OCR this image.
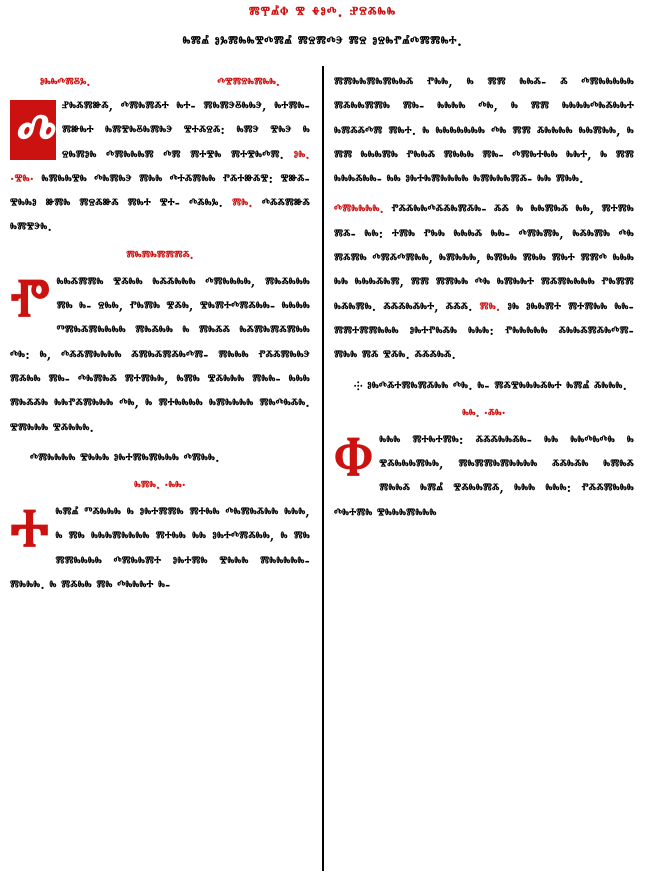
ⰿⰹⰼⱇ ⰺ ⰷⱁⰴ. ⱀⱄⰶⰸⰸ
ⰸⰿⰼ ⱁⰳⰿⰸⰸⰺⰴⰿⰼ ⰿⱄⰿⰴⰵ ⰿⱄ ⱁⱄⰸⱂⰼⰴⰿⰿⰸⰰ.
ⱁⰸⰸⰴⰿⰻⰳ.	ⰴⰺⰿⱄⰸⰿⰸⰸ.

Ⰴ ⱀⰸⰶⰿⱆⰶ, ⰴⰿⰸⰿⰶⰰ ⰸⰰ- ⰿⰸⰿⰵⰻⰸⰸⰵ, ⰸⰰⰿⰸ- ⰿⱆⰸⰰ ⰸⰿⰺⰸⰻⰸⰿⰸⰵ ⰺⰰⰶⱄⰶ: ⰸⰿⰵ ⰺⰸⰵ ⰸ ⱄⰸⰿⱁⰸ ⰴⰿⰸⰸⰸⰿ ⰴⰿ ⰿⰰⰺⰸ ⰿⰰⰺⰸⰴⰿ. ⱁⰸ. ·ⰺⰸ· ⰸⰿⰸⰸⰺⰸ ⰴⰸⰿⰸⰵ ⰿⰸⰸ ⰴⰰⰶⰿⰸⰸ ⱂⰶⰰⱆⰶⰺ: ⰺⱆⰶ- ⰺⰸⰸⱁ ⱆⰿⰸ ⰿⱄⰶⱆⰶ ⰿⰸⰰ ⰺⰰ- ⰴⰶⰸⰳ. ⰿⰸ. ⰴⰶⰶⰿⱆⰶ ⰸⰿⰺⰵⰸ.

ⰿⰸⰿⰸⰿⰿⰿⰶ.

Ⱂ ⰸⰸⰶⰿⰿⰸ ⰺⰶⰸⰸ ⰸⰶⰶⰸⰸⰸ ⰴⰿⰸⰸⰸⰸ, ⰿⰸⰶⰸⰸⰸ ⰿⰸ ⰸ- ⱄⰸⰸ, ⱂⰸⰿⰸ ⰺⰶⰸ, ⰺⰸⰿⰰⰴⰿⰶⰸⰸ- ⰸⰸⰸⰸ ⱅⰿⰸⰶⰿⰸⰸⰸⰸ ⰿⰸⰶⰸⰸ ⰸ ⰿⰸⰶⰶ ⰸⰶⰿⰸⰿⰶⰿⰸⰸ ⰴⰸ: ⰸ, ⰴⰶⰶⰿⰸⰸⰸⰸ ⰶⰿⰸⰶⰿⰶⰸⰴⰿ- ⰿⰸⰸⰸ ⱂⰶⰶⰿⰸⰸⰵ ⰿⰶⰸⰸ ⰿⰸ- ⰴⰸⰿⰸⰶ ⰿⰰⰿⰸⰸ, ⰸⰿⰸ ⰺⰶⰸⰸⰸ ⰿⰸⰸ- ⰸⰸⰸ ⰿⰸⰶⰶⰸ ⰸⰸⱂⰶⰿⰸⰸⰸ ⰴⰸ, ⰸ ⰿⰰⰸⰸⰸⰸ ⰸⰿⰸⰸⰸⰸ ⰿⰸⰴⰸⰶⰸ. ⰺⰿⰸⰸⰸ ⰺⰶⰸⰸⰸ.

ⰴⰿⰸⰸⰸⰸ ⰺⰸⰸⰸ ⱁⰸⰰⰿⰸⰿⰸⰸⰸ ⰴⰿⰸⰸ.

ⰸⰿⰸ. ·ⰸⰸ·

Ⰰ ⰸⰿⰼ ⱅⰶⰸⰸⰸ ⰸ ⱁⰸⰰⰿⰿⰸ ⰿⰰⰸⰸ ⰴⰸⰿⰸⰶⰸⰸ ⰸⰸⰸ, ⰸ ⰿⰸ ⰸⰸⰸⰿⰸⰸⰸⰸ ⰿⰰⰸⰸ ⰸⰸ ⱁⰸⰰⰴⰿⰶⰸⰸ, ⰸ ⰿⰸ ⰿⰿⰸⰸⰸⰸ ⰴⰿⰸⰸⰿⰰ ⱁⰸⰰⰿⰸ ⰺⰸⰸⰸ ⰿⰸⰸⰸⰸⰸ- ⰿⰸⰸⰸ. ⰸ ⰿⰶⰸⰸ ⰿⰸ ⰴⰸⰸⰸⰰ ⰸ-

ⰿⰿⰸⰸⰿⰸⰿⰸⰸⰶ ⱂⰸⰸ, ⰸ ⰿⰿ ⰸⰸⰶ- ⰶ ⰴⰿⰸⰸⰸⰸⰸ ⰿⰶⰸⰸⰿⰿⰸ ⰿⰸ- ⰸⰸⰸⰸ ⰴⰸ, ⰸ ⰿⰿ ⰸⰸⰸⰸⰴⰸⰶⰸⰸⰰ ⰸⰿⰶⰶⰴⰿ ⰿⰸⰰ. ⰸ ⰸⰸⰸⰸⰸⰸⰸ ⰴⰸ ⰿⰿ ⰶⰸⰸⰸⰸ ⰸⰸⰿⰸⰸ, ⰸ ⰿⰿ ⰸⰸⰸⰿⰸ ⱂⰸⰸⰶ ⰿⰸⰸⰸ ⰿⰸ- ⰴⰿⰸⰰⰸⰸ ⰸⰸⰰ, ⰸ ⰿⰿ ⰸⰸⰸⰶⰸⰸ- ⰸⰸ ⱁⰸⰰⰸⰿⰸⰸⰸⰸ ⰸⰿⰸⰸⰸⰿⰶ- ⰸⰸ ⰿⰸⰸ.

ⰴⰿⰸⰸⰸⰸ. ⱂⰶⰶⰸⰸⰴⰶⰶⰸⰿⰶⰸ- ⰶⰶ ⰸ ⰸⰸⰿⰸⰶ ⰸⰸ, ⰿⰰⰿⰸ ⰿⰶ- ⰸⰸ: ⰰⰿⰸ ⱂⰸⰸ ⰸⰸⰸⰶ ⰸⰸ- ⰴⰿⰸⰿⰸ, ⰸⰶⰸⰿⰸ ⰴⰸ ⰿⰶⰿⰸ ⰴⰿⰶⰴⰿⰸⰸ, ⰸⰿⰸⰸⰸ, ⰸⰿⰸⰸ ⰿⰸⰸ ⰿⰸⰰ ⰿⰿⰴ ⰸⰸⰸ ⰸⰸ ⰸⰸⰸⰶⰸⰿ, ⰿⰿ ⰿⰿⰸⰸ ⰴⰸ ⰸⰿⰸⰸⰰ ⰿⰶⰿⰸⰸⰸⰸ ⱂⰸⰿⰿ ⰸⰶⰸⰿⰸ. ⰶⰶⰶⰸⰶⰸⰰ, ⰶⰶⰶ. ⰿⰸ. ⱁⰸ ⱁⰸⰸⰿⰰ ⰿⰰⰿⰸⰸ ⰸⰸ- ⰿⰿⰰⰿⰿⰸⰸⰸ ⱁⰸⰰⱂⰸⰶⰸ ⰸⰸⰸ: ⱂⰸⰸⰸⰸⰸ ⰶⰸⰸⰶⰿⰶⰸⰴⰿ- ⰿⰸⰸ ⰿⰶ ⰺⰶⰸ. ⰶⰶⰶⰸⰶ.

⸭ ⱁⰸⰴⰶⰰⰿⰸⰿⰶⰸⰸ ⰴⰸ. ⰸ- ⰿⰶⰺⰸⰸⰸⰶⰸⰰ ⰸⰿⰼ ⰶⰸⰸⰸ.

ⰸⰸ. ·ⰶⰸ·

Ⱇ ⰸⰸⰸ ⰿⰰⰸⰰⰿⰸ: ⰶⰶⰶⰸⰸⰶⰸ- ⰸⰸ ⰸⰸⰴⰸⰴⰸ ⰸ ⰺⰶⰸⰸⰸⰿⰸⰸ, ⰿⰸⰿⰿⰸⰿⰸⰸⰸⰸ ⰶⰶⰸⰶⰸ ⰸⰿⰸⰶ ⰿⰸⰸⰶ ⰸⰿⰼ ⰺⰶⰸⰸⰿⰶ, ⰸⰸⰸ ⰸⰸⰸ: ⱂⰶⰶⰿⰸⰸⰸ ⰴⰸⰰⰿⰸ ⰺⰸⰸⰸⰿⰸⰸⰸ
